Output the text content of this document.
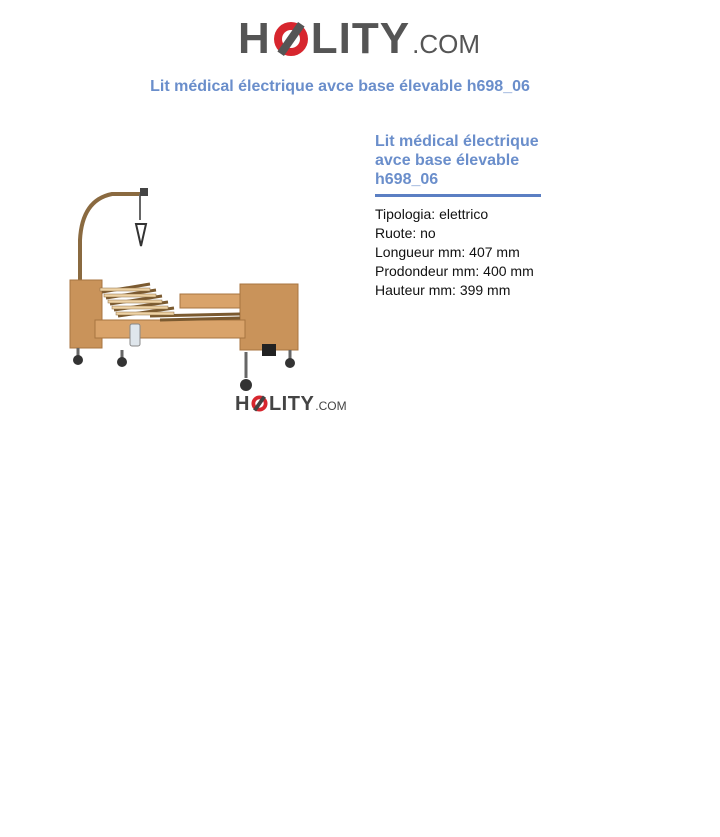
H LITY .COM
Lit médical électrique avce base élevable h698_06
H LITY .COM
Lit médical électrique avce base élevable h698_06
Tipologia: elettrico
Ruote: no
Longueur mm: 407 mm
Prodondeur mm: 400 mm
Hauteur mm: 399 mm
